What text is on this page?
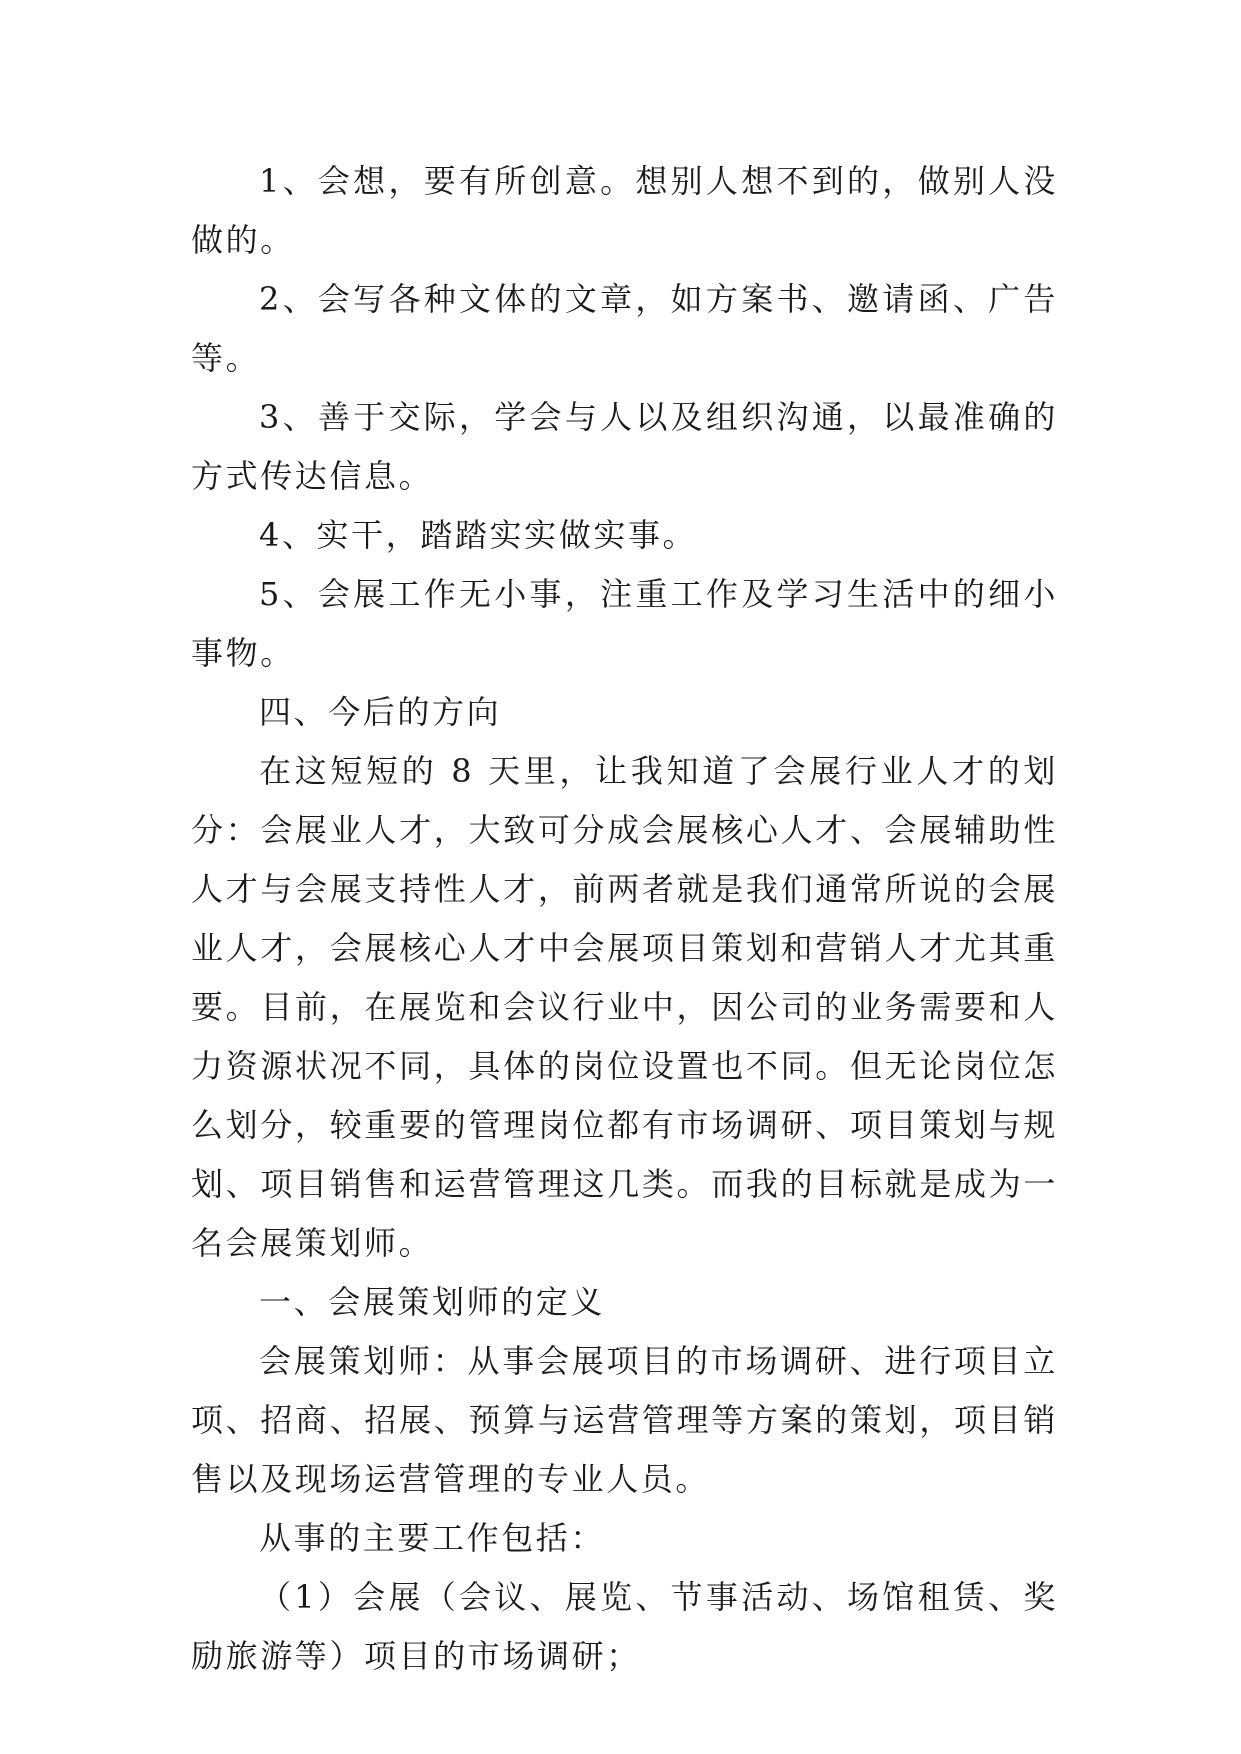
1、会想，要有所创意。想别人想不到的，做别人没做的。

2、会写各种文体的文章，如方案书、邀请函、广告等。

3、善于交际，学会与人以及组织沟通，以最准确的方式传达信息。

4、实干，踏踏实实做实事。

5、会展工作无小事，注重工作及学习生活中的细小事物。

四、今后的方向

在这短短的 8 天里，让我知道了会展行业人才的划分：会展业人才，大致可分成会展核心人才、会展辅助性人才与会展支持性人才，前两者就是我们通常所说的会展业人才，会展核心人才中会展项目策划和营销人才尤其重要。目前，在展览和会议行业中，因公司的业务需要和人力资源状况不同，具体的岗位设置也不同。但无论岗位怎么划分，较重要的管理岗位都有市场调研、项目策划与规划、项目销售和运营管理这几类。而我的目标就是成为一名会展策划师。

一、会展策划师的定义

会展策划师：从事会展项目的市场调研、进行项目立项、招商、招展、预算与运营管理等方案的策划，项目销售以及现场运营管理的专业人员。

从事的主要工作包括：

（1）会展（会议、展览、节事活动、场馆租赁、奖励旅游等）项目的市场调研；
